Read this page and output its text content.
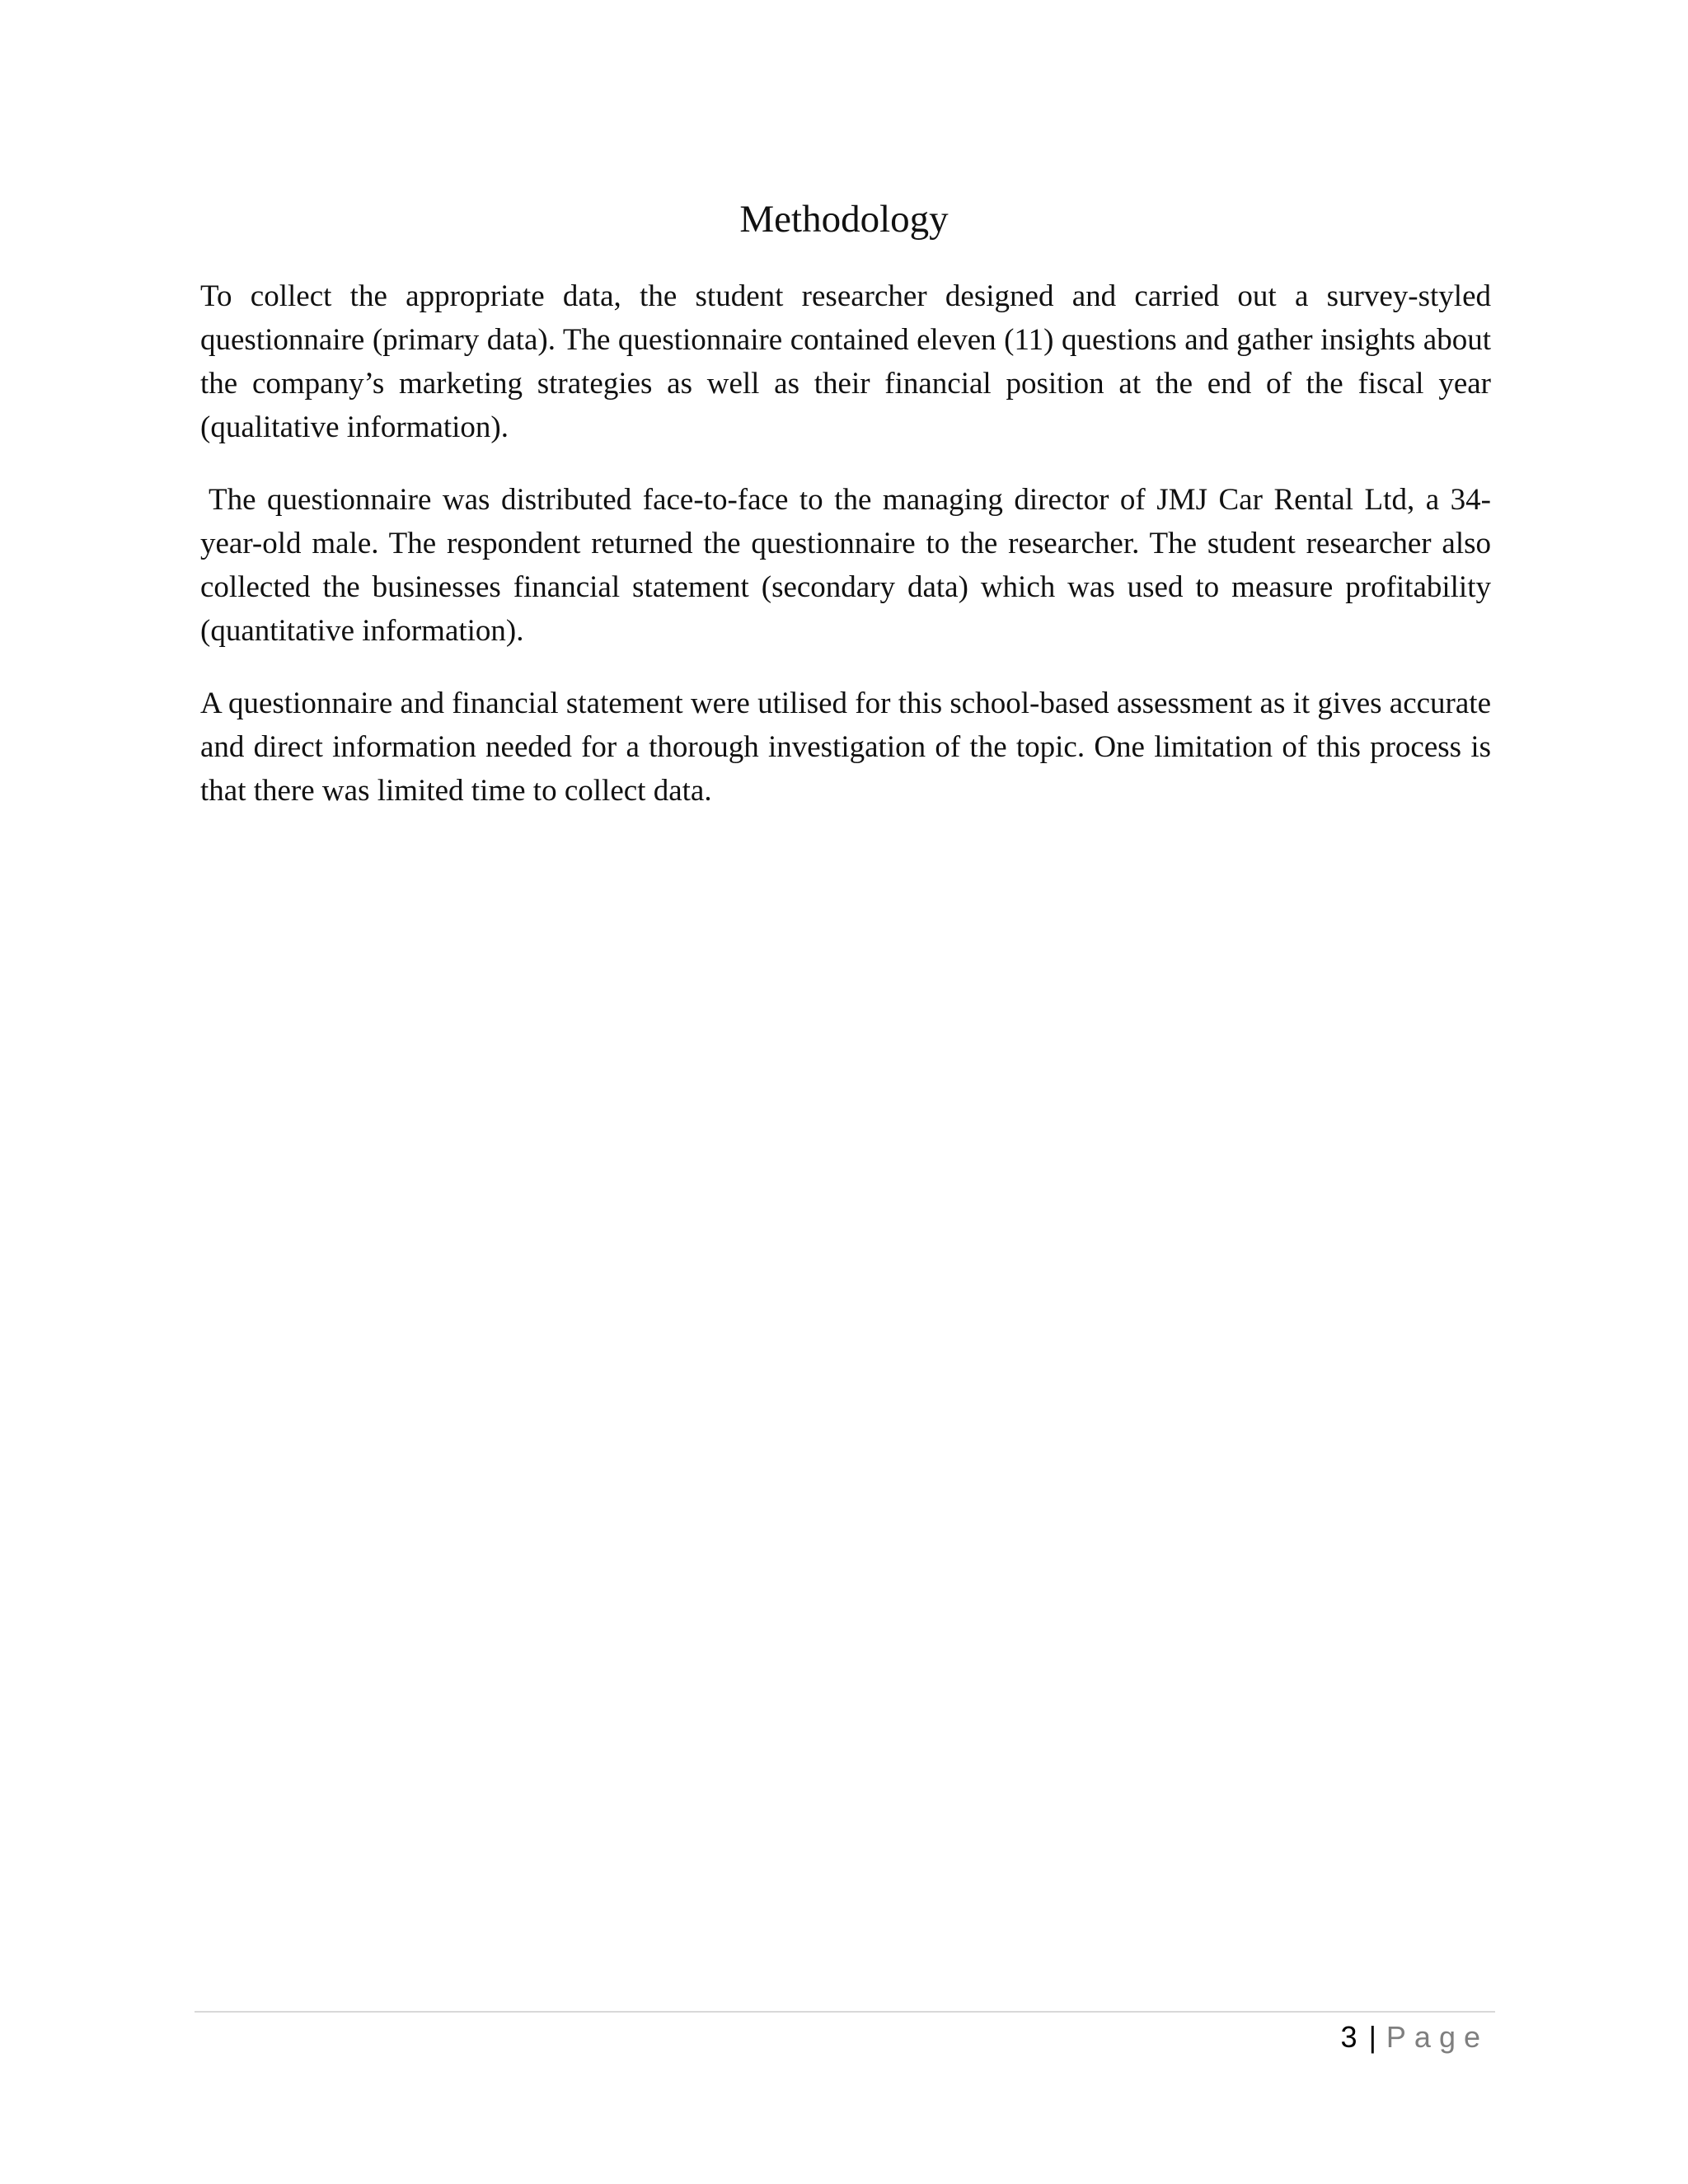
Methodology

To collect the appropriate data, the student researcher designed and carried out a survey-styled questionnaire (primary data). The questionnaire contained eleven (11) questions and gather insights about the company’s marketing strategies as well as their financial position at the end of the fiscal year (qualitative information).

The questionnaire was distributed face-to-face to the managing director of JMJ Car Rental Ltd, a 34-year-old male. The respondent returned the questionnaire to the researcher. The student researcher also collected the businesses financial statement (secondary data) which was used to measure profitability (quantitative information).

A questionnaire and financial statement were utilised for this school-based assessment as it gives accurate and direct information needed for a thorough investigation of the topic. One limitation of this process is that there was limited time to collect data.

3 | Page
